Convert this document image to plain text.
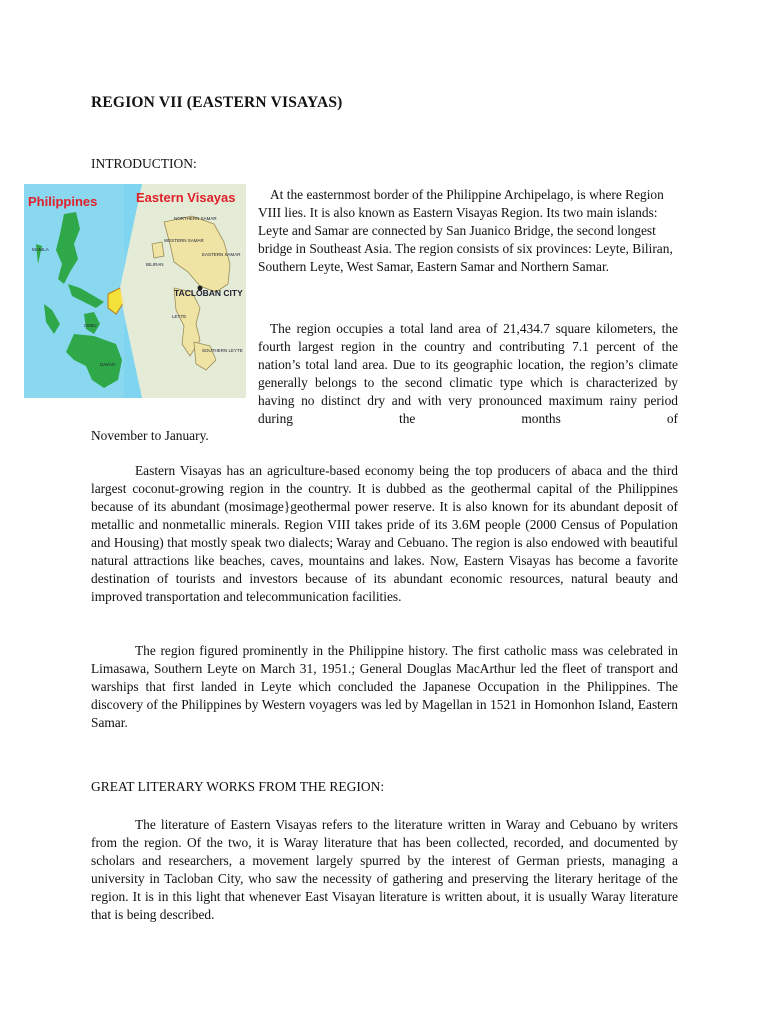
REGION VII (EASTERN VISAYAS)
INTRODUCTION:
Philippines	Eastern Visayas
TACLOBAN CITY
MANILA
NORTHERN SAMAR
WESTERN SAMAR
EASTERN SAMAR
BILIRAN
LEYTE
SOUTHERN LEYTE
CEBU
DAVAO

At the easternmost border of the Philippine Archipelago, is where Region VIII lies. It is also known as Eastern Visayas Region. Its two main islands: Leyte and Samar are connected by San Juanico Bridge, the second longest bridge in Southeast Asia. The region consists of six provinces: Leyte, Biliran, Southern Leyte, West Samar, Eastern Samar and Northern Samar.

The region occupies a total land area of 21,434.7 square kilometers, the fourth largest region in the country and contributing 7.1 percent of the nation’s total land area. Due to its geographic location, the region’s climate generally belongs to the second climatic type which is characterized by having no distinct dry and with very pronounced maximum rainy period during the months of

November to January.

Eastern Visayas has an agriculture-based economy being the top producers of abaca and the third largest coconut-growing region in the country. It is dubbed as the geothermal capital of the Philippines because of its abundant (mosimage}geothermal power reserve. It is also known for its abundant deposit of metallic and nonmetallic minerals. Region VIII takes pride of its 3.6M people (2000 Census of Population and Housing) that mostly speak two dialects; Waray and Cebuano. The region is also endowed with beautiful natural attractions like beaches, caves, mountains and lakes. Now, Eastern Visayas has become a favorite destination of tourists and investors because of its abundant economic resources, natural beauty and improved transportation and telecommunication facilities.

The region figured prominently in the Philippine history. The first catholic mass was celebrated in Limasawa, Southern Leyte on March 31, 1951.; General Douglas MacArthur led the fleet of transport and warships that first landed in Leyte which concluded the Japanese Occupation in the Philippines. The discovery of the Philippines by Western voyagers was led by Magellan in 1521 in Homonhon Island, Eastern Samar.

GREAT LITERARY WORKS FROM THE REGION:

The literature of Eastern Visayas refers to the literature written in Waray and Cebuano by writers from the region. Of the two, it is Waray literature that has been collected, recorded, and documented by scholars and researchers, a movement largely spurred by the interest of German priests, managing a university in Tacloban City, who saw the necessity of gathering and preserving the literary heritage of the region. It is in this light that whenever East Visayan literature is written about, it is usually Waray literature that is being described.
